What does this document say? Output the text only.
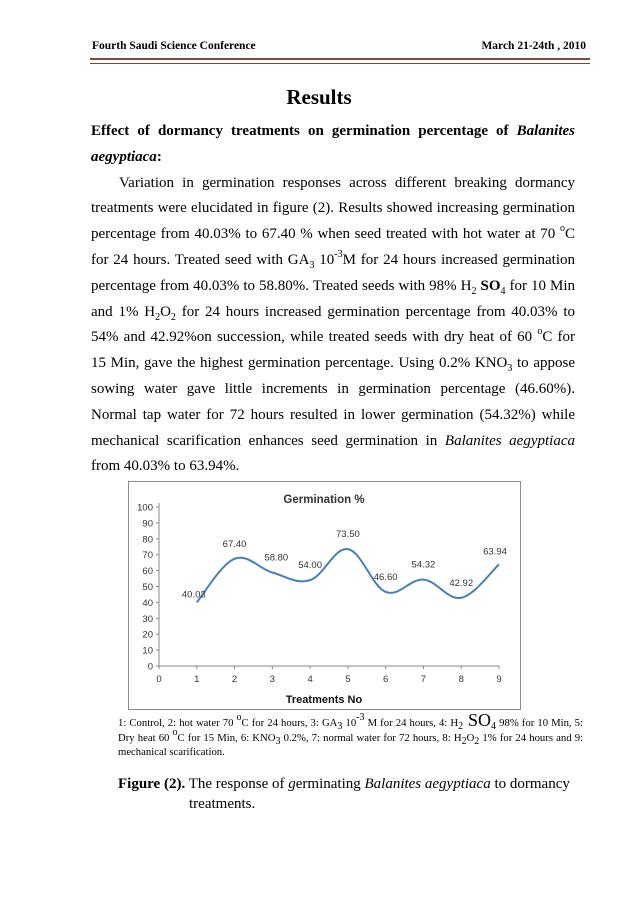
Fourth Saudi Science Conference	March 21-24th , 2010
Results

Effect of dormancy treatments on germination percentage of Balanites aegyptiaca:

Variation in germination responses across different breaking dormancy treatments were elucidated in figure (2). Results showed increasing germination percentage from 40.03% to 67.40 % when seed treated with hot water at 70 $^o$C for 24 hours. Treated seed with $GA_3$ $10^{-3}M$ for 24 hours increased germination percentage from 40.03% to 58.80%. Treated seeds with 98% $H_2$ $SO_4$ for 10 Min and 1% $H_2O_2$ for 24 hours increased germination percentage from 40.03% to 54% and 42.92%on succession, while treated seeds with dry heat of 60 $^o$C for 15 Min, gave the highest germination percentage. Using 0.2% $KNO_3$ to appose sowing water gave little increments in germination percentage (46.60%). Normal tap water for 72 hours resulted in lower germination (54.32%) while mechanical scarification enhances seed germination in Balanites aegyptiaca from 40.03% to 63.94%.

Germination %
Treatments No
0
10
20
30
40
50
60
70
80
90
100
0	1	2	3	4	5	6	7	8	9
40.03
67.40
58.80
54.00
73.50
46.60
54.32
42.92
63.94
1: Control, 2: hot water 70 $^o$C for 24 hours, 3: $GA_3$ $10^{-3}$ M for 24 hours, 4: $H_2$ $SO_4$ 98% for 10 Min, 5: Dry heat 60 $^o$C for 15 Min, 6: $KNO_3$ 0.2%, 7: normal water for 72 hours, 8: $H_2O_2$ 1% for 24 hours and 9: mechanical scarification.
Figure (2). The response of germinating Balanites aegyptiaca to dormancy
treatments.
